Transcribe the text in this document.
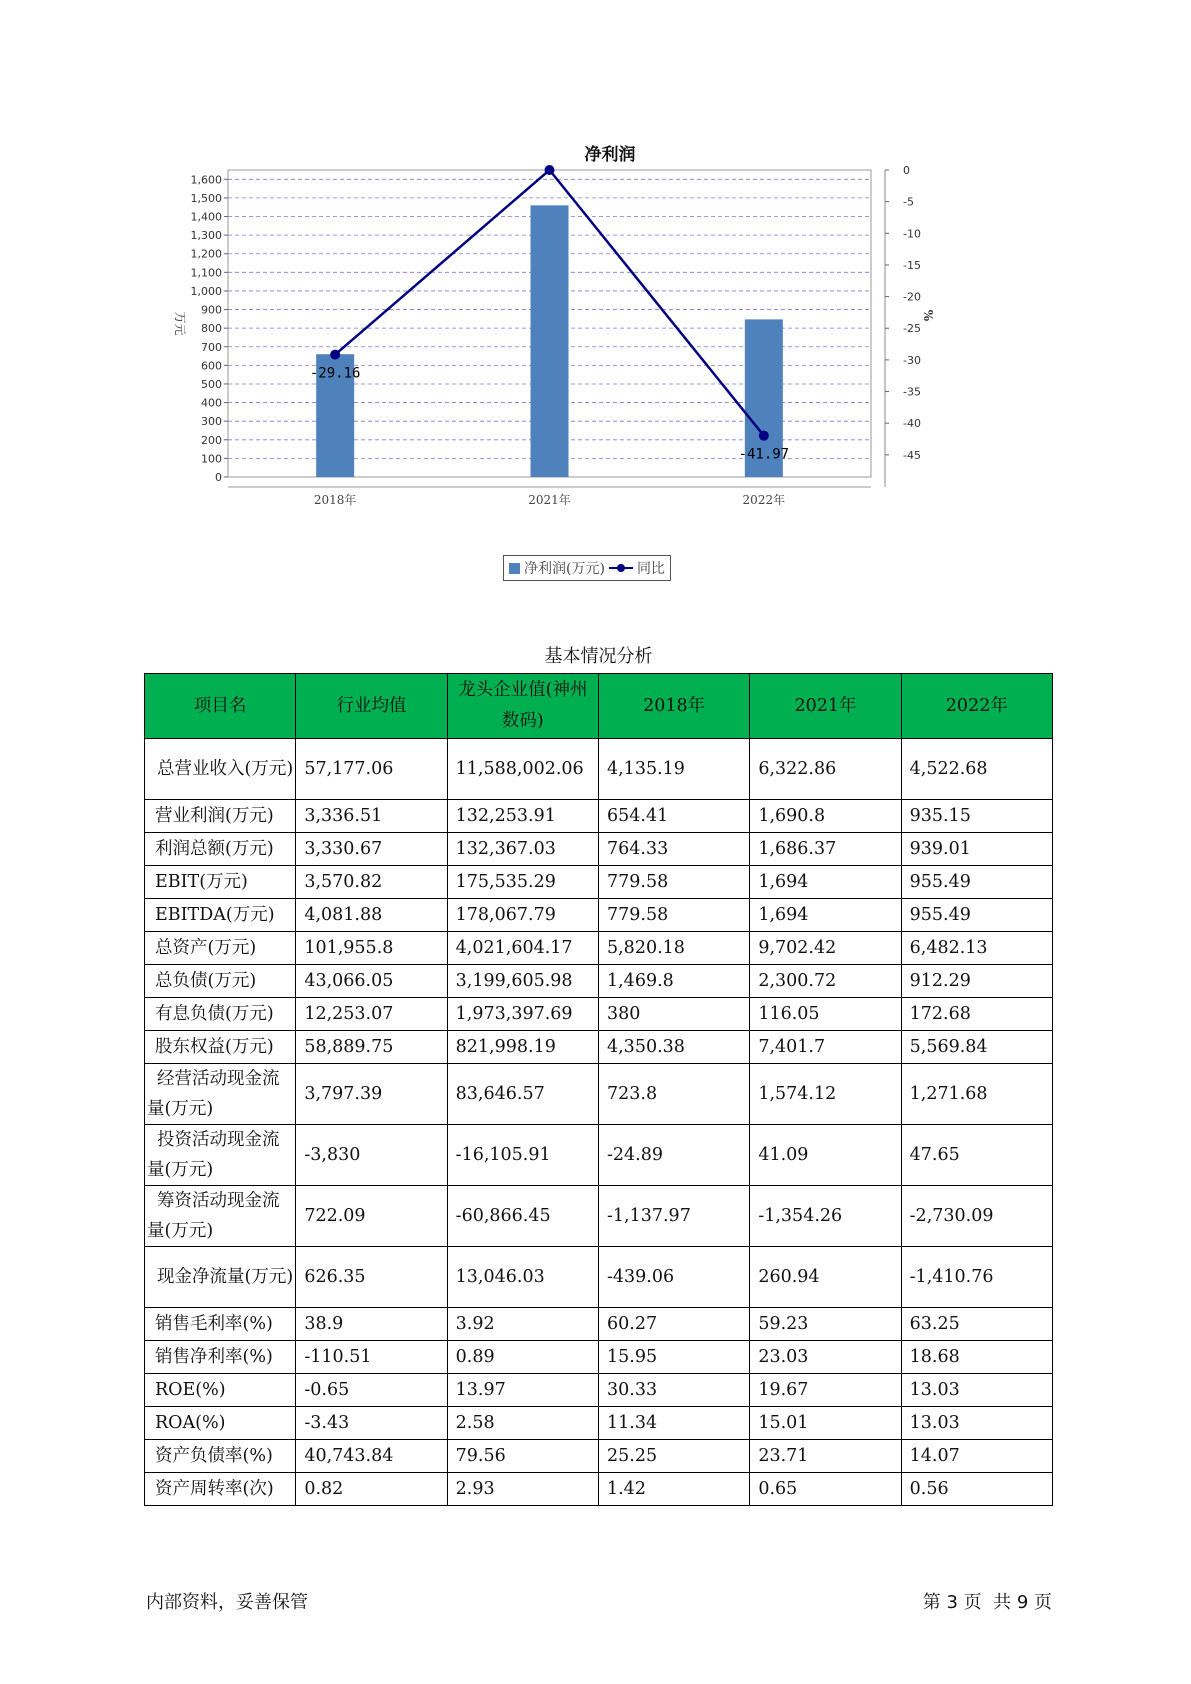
净利润
0
100
200
300
400
500
600
700
800
900
1,000
1,100
1,200
1,300
1,400
1,500
1,600
0
-5
-10
-15
-20
-25
-30
-35
-40
-45
万元	%
2018年	2021年	2022年
-29.16
-41.97
净利润(万元) 同比
基本情况分析
项目名	行业均值	龙头企业值(神州数码)	2018年	2021年	2022年
总营业收入(万元)	57,177.06	11,588,002.06	4,135.19	6,322.86	4,522.68
营业利润(万元)	3,336.51	132,253.91	654.41	1,690.8	935.15
利润总额(万元)	3,330.67	132,367.03	764.33	1,686.37	939.01
EBIT(万元)	3,570.82	175,535.29	779.58	1,694	955.49
EBITDA(万元)	4,081.88	178,067.79	779.58	1,694	955.49
总资产(万元)	101,955.8	4,021,604.17	5,820.18	9,702.42	6,482.13
总负债(万元)	43,066.05	3,199,605.98	1,469.8	2,300.72	912.29
有息负债(万元)	12,253.07	1,973,397.69	380	116.05	172.68
股东权益(万元)	58,889.75	821,998.19	4,350.38	7,401.7	5,569.84
经营活动现金流量(万元)	3,797.39	83,646.57	723.8	1,574.12	1,271.68
投资活动现金流量(万元)	-3,830	-16,105.91	-24.89	41.09	47.65
筹资活动现金流量(万元)	722.09	-60,866.45	-1,137.97	-1,354.26	-2,730.09
现金净流量(万元)	626.35	13,046.03	-439.06	260.94	-1,410.76
销售毛利率(%)	38.9	3.92	60.27	59.23	63.25
销售净利率(%)	-110.51	0.89	15.95	23.03	18.68
ROE(%)	-0.65	13.97	30.33	19.67	13.03
ROA(%)	-3.43	2.58	11.34	15.01	13.03
资产负债率(%)	40,743.84	79.56	25.25	23.71	14.07
资产周转率(次)	0.82	2.93	1.42	0.65	0.56
内部资料，妥善保管	第 3 页  共 9 页
